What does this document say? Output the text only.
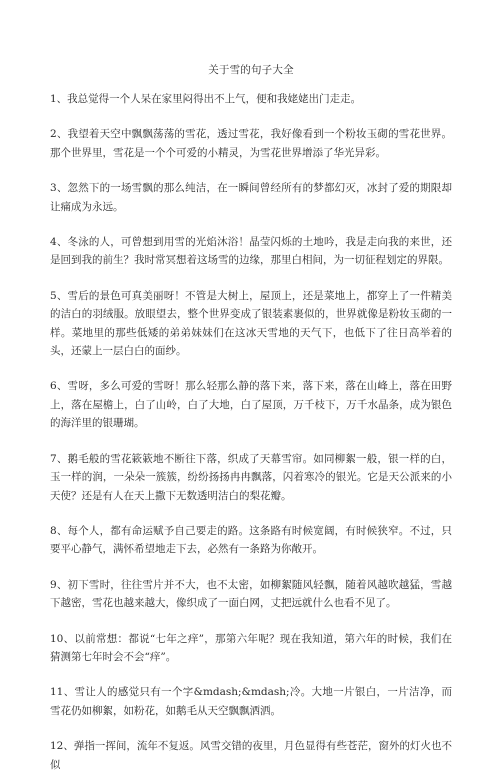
关于雪的句子大全

1、我总觉得一个人呆在家里闷得出不上气，便和我姥姥出门走走。

2、我望着天空中飘飘荡荡的雪花，透过雪花，我好像看到一个粉妆玉砌的雪花世界。那个世界里，雪花是一个个可爱的小精灵，为雪花世界增添了华光异彩。

3、忽然下的一场雪飘的那么纯洁，在一瞬间曾经所有的梦都幻灭，冰封了爱的期限却让痛成为永远。

4、冬泳的人，可曾想到用雪的光焰沐浴！晶莹闪烁的土地吟，我是走向我的来世，还是回到我的前生？我时常冥想着这场雪的边缘，那里白相间，为一切征程划定的界限。

5、雪后的景色可真美丽呀！不管是大树上，屋顶上，还是菜地上，都穿上了一件精美的洁白的羽绒服。放眼望去，整个世界变成了银装素裹似的，世界就像是粉妆玉砌的一样。菜地里的那些低矮的弟弟妹妹们在这冰天雪地的天气下，也低下了往日高举着的头，还蒙上一层白白的面纱。

6、雪呀，多么可爱的雪呀！那么轻那么静的落下来，落下来，落在山峰上，落在田野上，落在屋檐上，白了山岭，白了大地，白了屋顶，万千枝下，万千水晶条，成为银色的海洋里的银珊瑚。

7、鹅毛般的雪花簌簌地不断往下落，织成了天幕雪帘。如同柳絮一般，银一样的白，玉一样的润，一朵朵一簇簇，纷纷扬扬冉冉飘落，闪着寒冷的银光。它是天公派来的小天使？还是有人在天上撒下无数透明洁白的梨花瓣。

8、每个人，都有命运赋予自己要走的路。这条路有时候宽阔，有时候狭窄。不过，只要平心静气，满怀希望地走下去，必然有一条路为你敞开。

9、初下雪时，往往雪片并不大，也不太密，如柳絮随风轻飘，随着风越吹越猛，雪越下越密，雪花也越来越大，像织成了一面白网，丈把远就什么也看不见了。

10、以前常想：都说“七年之痒”，那第六年呢？现在我知道，第六年的时候，我们在猜测第七年时会不会“痒”。

11、雪让人的感觉只有一个字&mdash;&mdash;冷。大地一片银白，一片洁净，而雪花仍如柳絮，如粉花，如鹅毛从天空飘飘洒洒。

12、弹指一挥间，流年不复返。风雪交错的夜里，月色显得有些苍茫，窗外的灯火也不似
